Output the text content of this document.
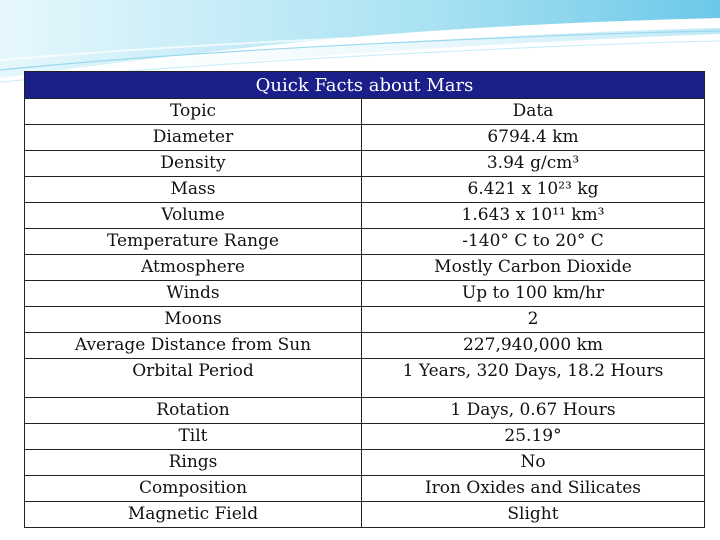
Quick Facts about Mars	
Topic	Data
Diameter	6794.4 km
Density	3.94 g/cm³
Mass	6.421 x 10²³ kg
Volume	1.643 x 10¹¹ km³
Temperature Range	-140° C to 20° C
Atmosphere	Mostly Carbon Dioxide
Winds	Up to 100 km/hr
Moons	2
Average Distance from Sun	227,940,000 km
Orbital Period	1 Years, 320 Days, 18.2 Hours
Rotation	1 Days, 0.67 Hours
Tilt	25.19°
Rings	No
Composition	Iron Oxides and Silicates
Magnetic Field	Slight
